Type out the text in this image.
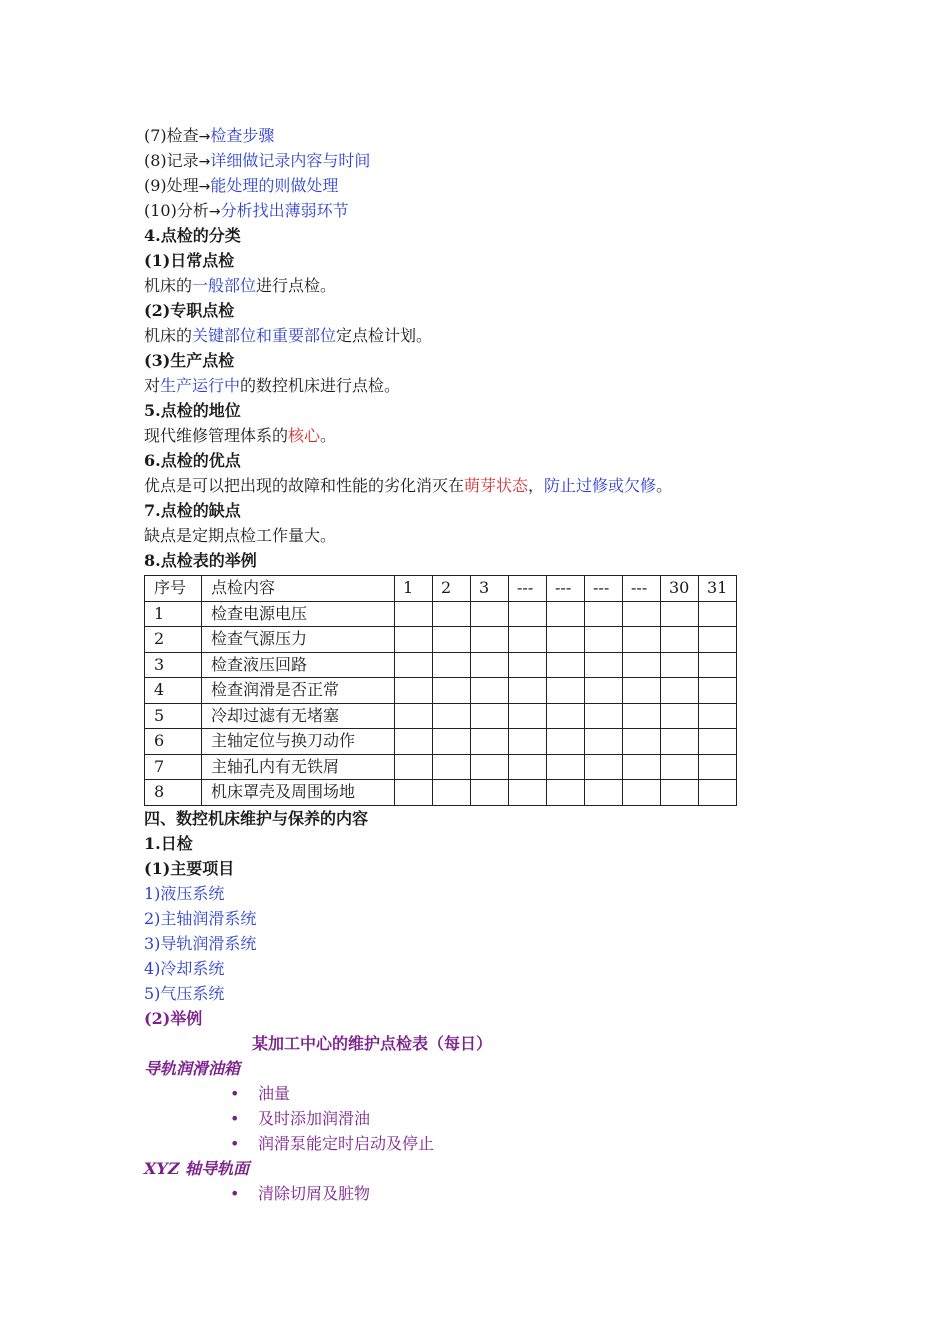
(7)检查→检查步骤
(8)记录→详细做记录内容与时间
(9)处理→能处理的则做处理
(10)分析→分析找出薄弱环节
4.点检的分类
(1)日常点检
机床的一般部位进行点检。
(2)专职点检
机床的关键部位和重要部位定点检计划。
(3)生产点检
对生产运行中的数控机床进行点检。
5.点检的地位
现代维修管理体系的核心。
6.点检的优点
优点是可以把出现的故障和性能的劣化消灭在萌芽状态，防止过修或欠修。
7.点检的缺点
缺点是定期点检工作量大。
8.点检表的举例
序号	点检内容	1	2	3	---	---	---	---	30	31
1	检查电源电压									
2	检查气源压力									
3	检查液压回路									
4	检查润滑是否正常									
5	冷却过滤有无堵塞									
6	主轴定位与换刀动作									
7	主轴孔内有无铁屑									
8	机床罩壳及周围场地									
四、数控机床维护与保养的内容
1.日检
(1)主要项目
1)液压系统
2)主轴润滑系统
3)导轨润滑系统
4)冷却系统
5)气压系统
(2)举例
某加工中心的维护点检表（每日）
导轨润滑油箱
• 油量
• 及时添加润滑油
• 润滑泵能定时启动及停止
XYZ 轴导轨面
• 清除切屑及脏物
